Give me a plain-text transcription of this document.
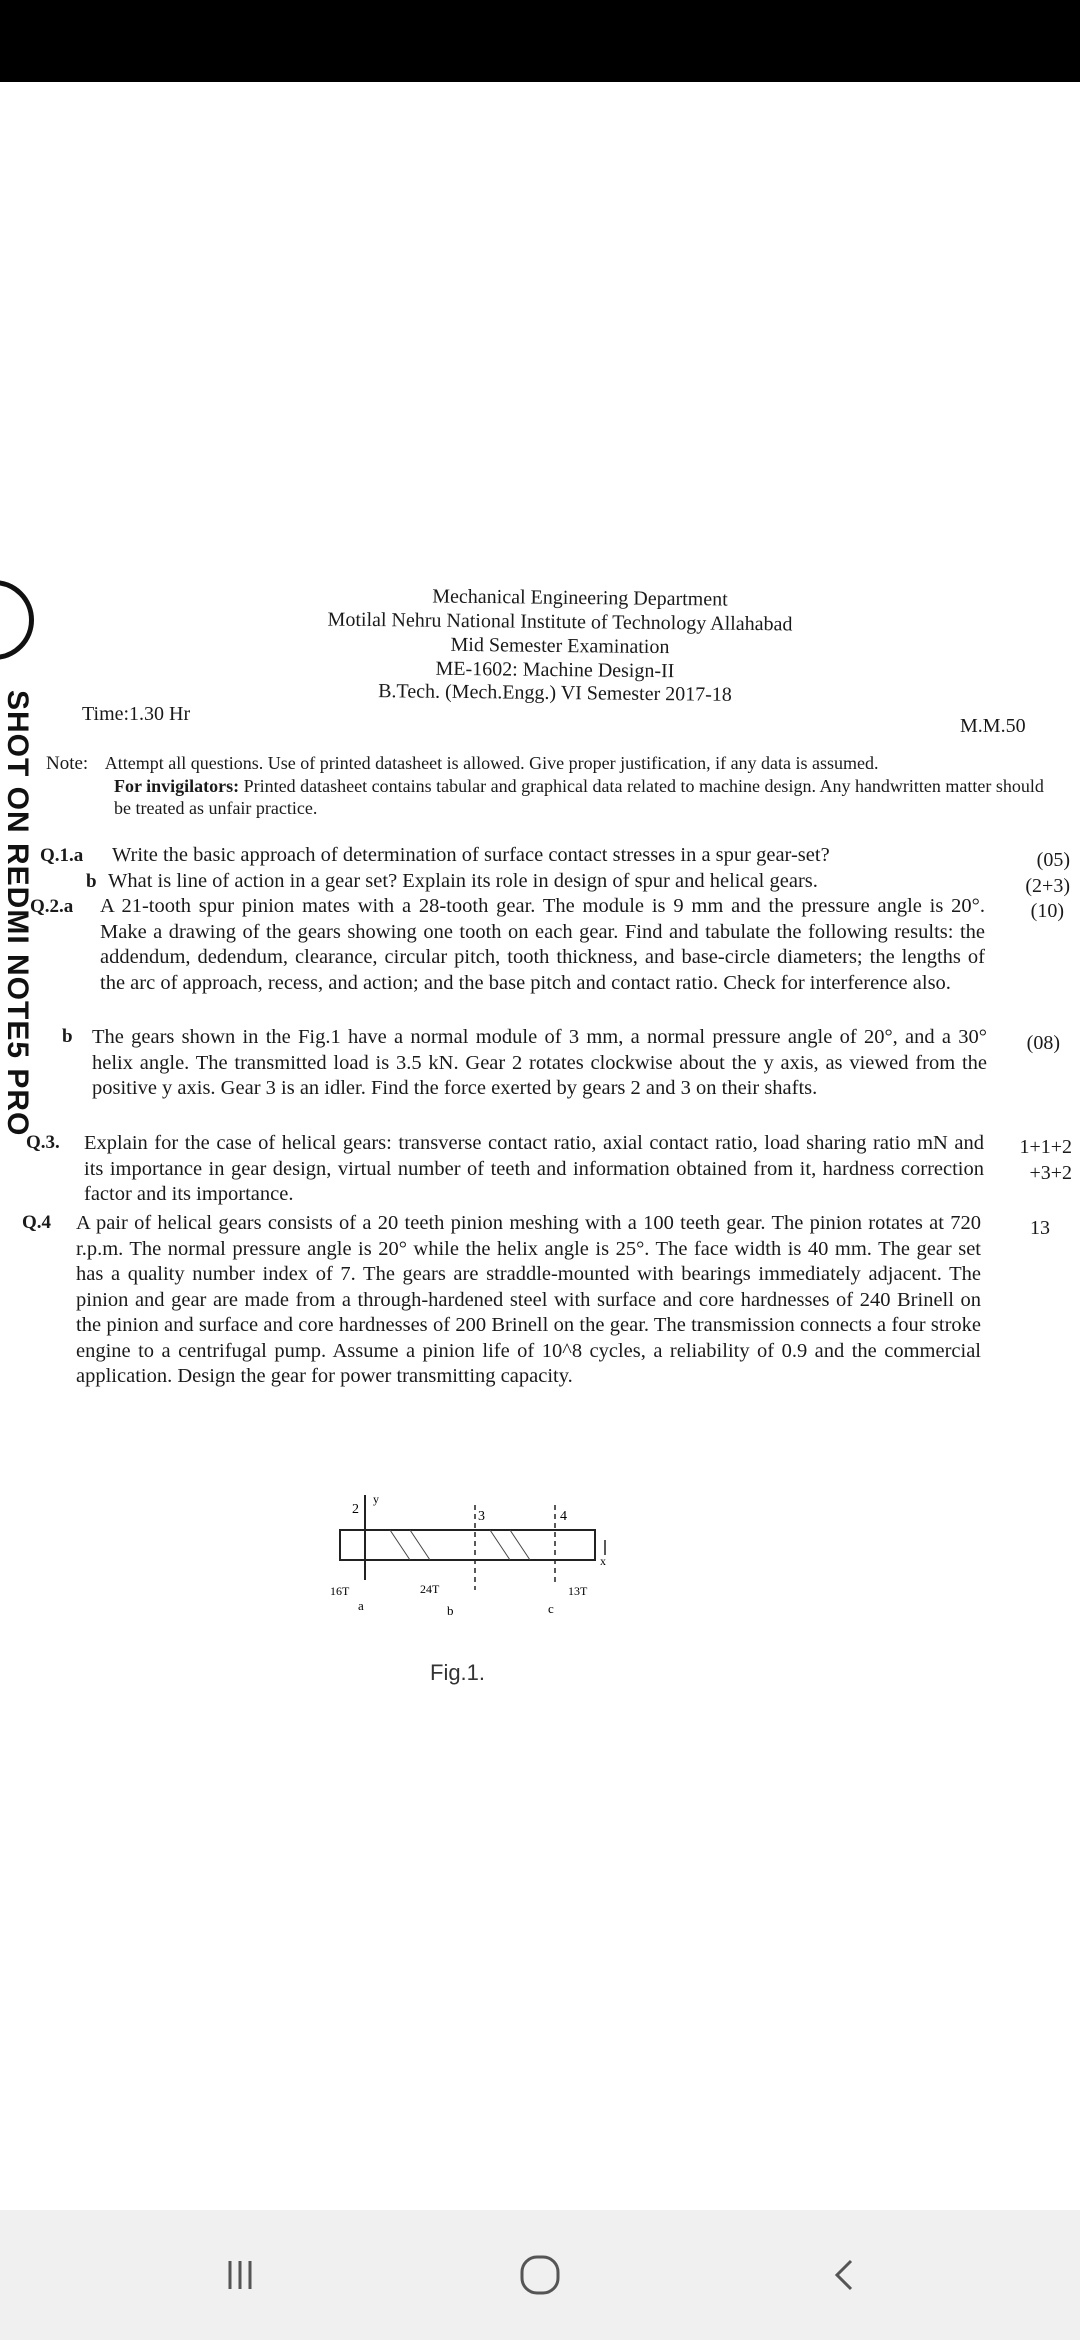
SHOT ON REDMI NOTE5 PRO
Mechanical Engineering Department
Motilal Nehru National Institute of Technology Allahabad
Mid Semester Examination
ME-1602: Machine Design-II
B.Tech. (Mech.Engg.) VI Semester 2017-18
Time:1.30 Hr
M.M.50
Note: Attempt all questions. Use of printed datasheet is allowed. Give proper justification, if any data is assumed.
For invigilators: Printed datasheet contains tabular and graphical data related to machine design. Any handwritten matter should be treated as unfair practice.
Q.1.a Write the basic approach of determination of surface contact stresses in a spur gear-set?	(05)
b What is line of action in a gear set? Explain its role in design of spur and helical gears.	(2+3)
Q.2.a A 21-tooth spur pinion mates with a 28-tooth gear. The module is 9 mm and the pressure angle is 20°. Make a drawing of the gears showing one tooth on each gear. Find and tabulate the following results: the addendum, dedendum, clearance, circular pitch, tooth thickness, and base-circle diameters; the lengths of the arc of approach, recess, and action; and the base pitch and contact ratio. Check for interference also.
(10)
b The gears shown in the Fig.1 have a normal module of 3 mm, a normal pressure angle of 20°, and a 30° helix angle. The transmitted load is 3.5 kN. Gear 2 rotates clockwise about the y axis, as viewed from the positive y axis. Gear 3 is an idler. Find the force exerted by gears 2 and 3 on their shafts.
(08)
Q.3. Explain for the case of helical gears: transverse contact ratio, axial contact ratio, load sharing ratio mN and its importance in gear design, virtual number of teeth and information obtained from it, hardness correction factor and its importance.
1+1+2 +3+2
Q.4 A pair of helical gears consists of a 20 teeth pinion meshing with a 100 teeth gear. The pinion rotates at 720 r.p.m. The normal pressure angle is 20° while the helix angle is 25°. The face width is 40 mm. The gear set has a quality number index of 7. The gears are straddle-mounted with bearings immediately adjacent. The pinion and gear are made from a through-hardened steel with surface and core hardnesses of 240 Brinell on the pinion and surface and core hardnesses of 200 Brinell on the gear. The transmission connects a four stroke engine to a centrifugal pump. Assume a pinion life of 10^8 cycles, a reliability of 0.9 and the commercial application. Design the gear for power transmitting capacity.
13
2	3	4
y
x
16T	24T	13T
a	b	c
Fig.1.
